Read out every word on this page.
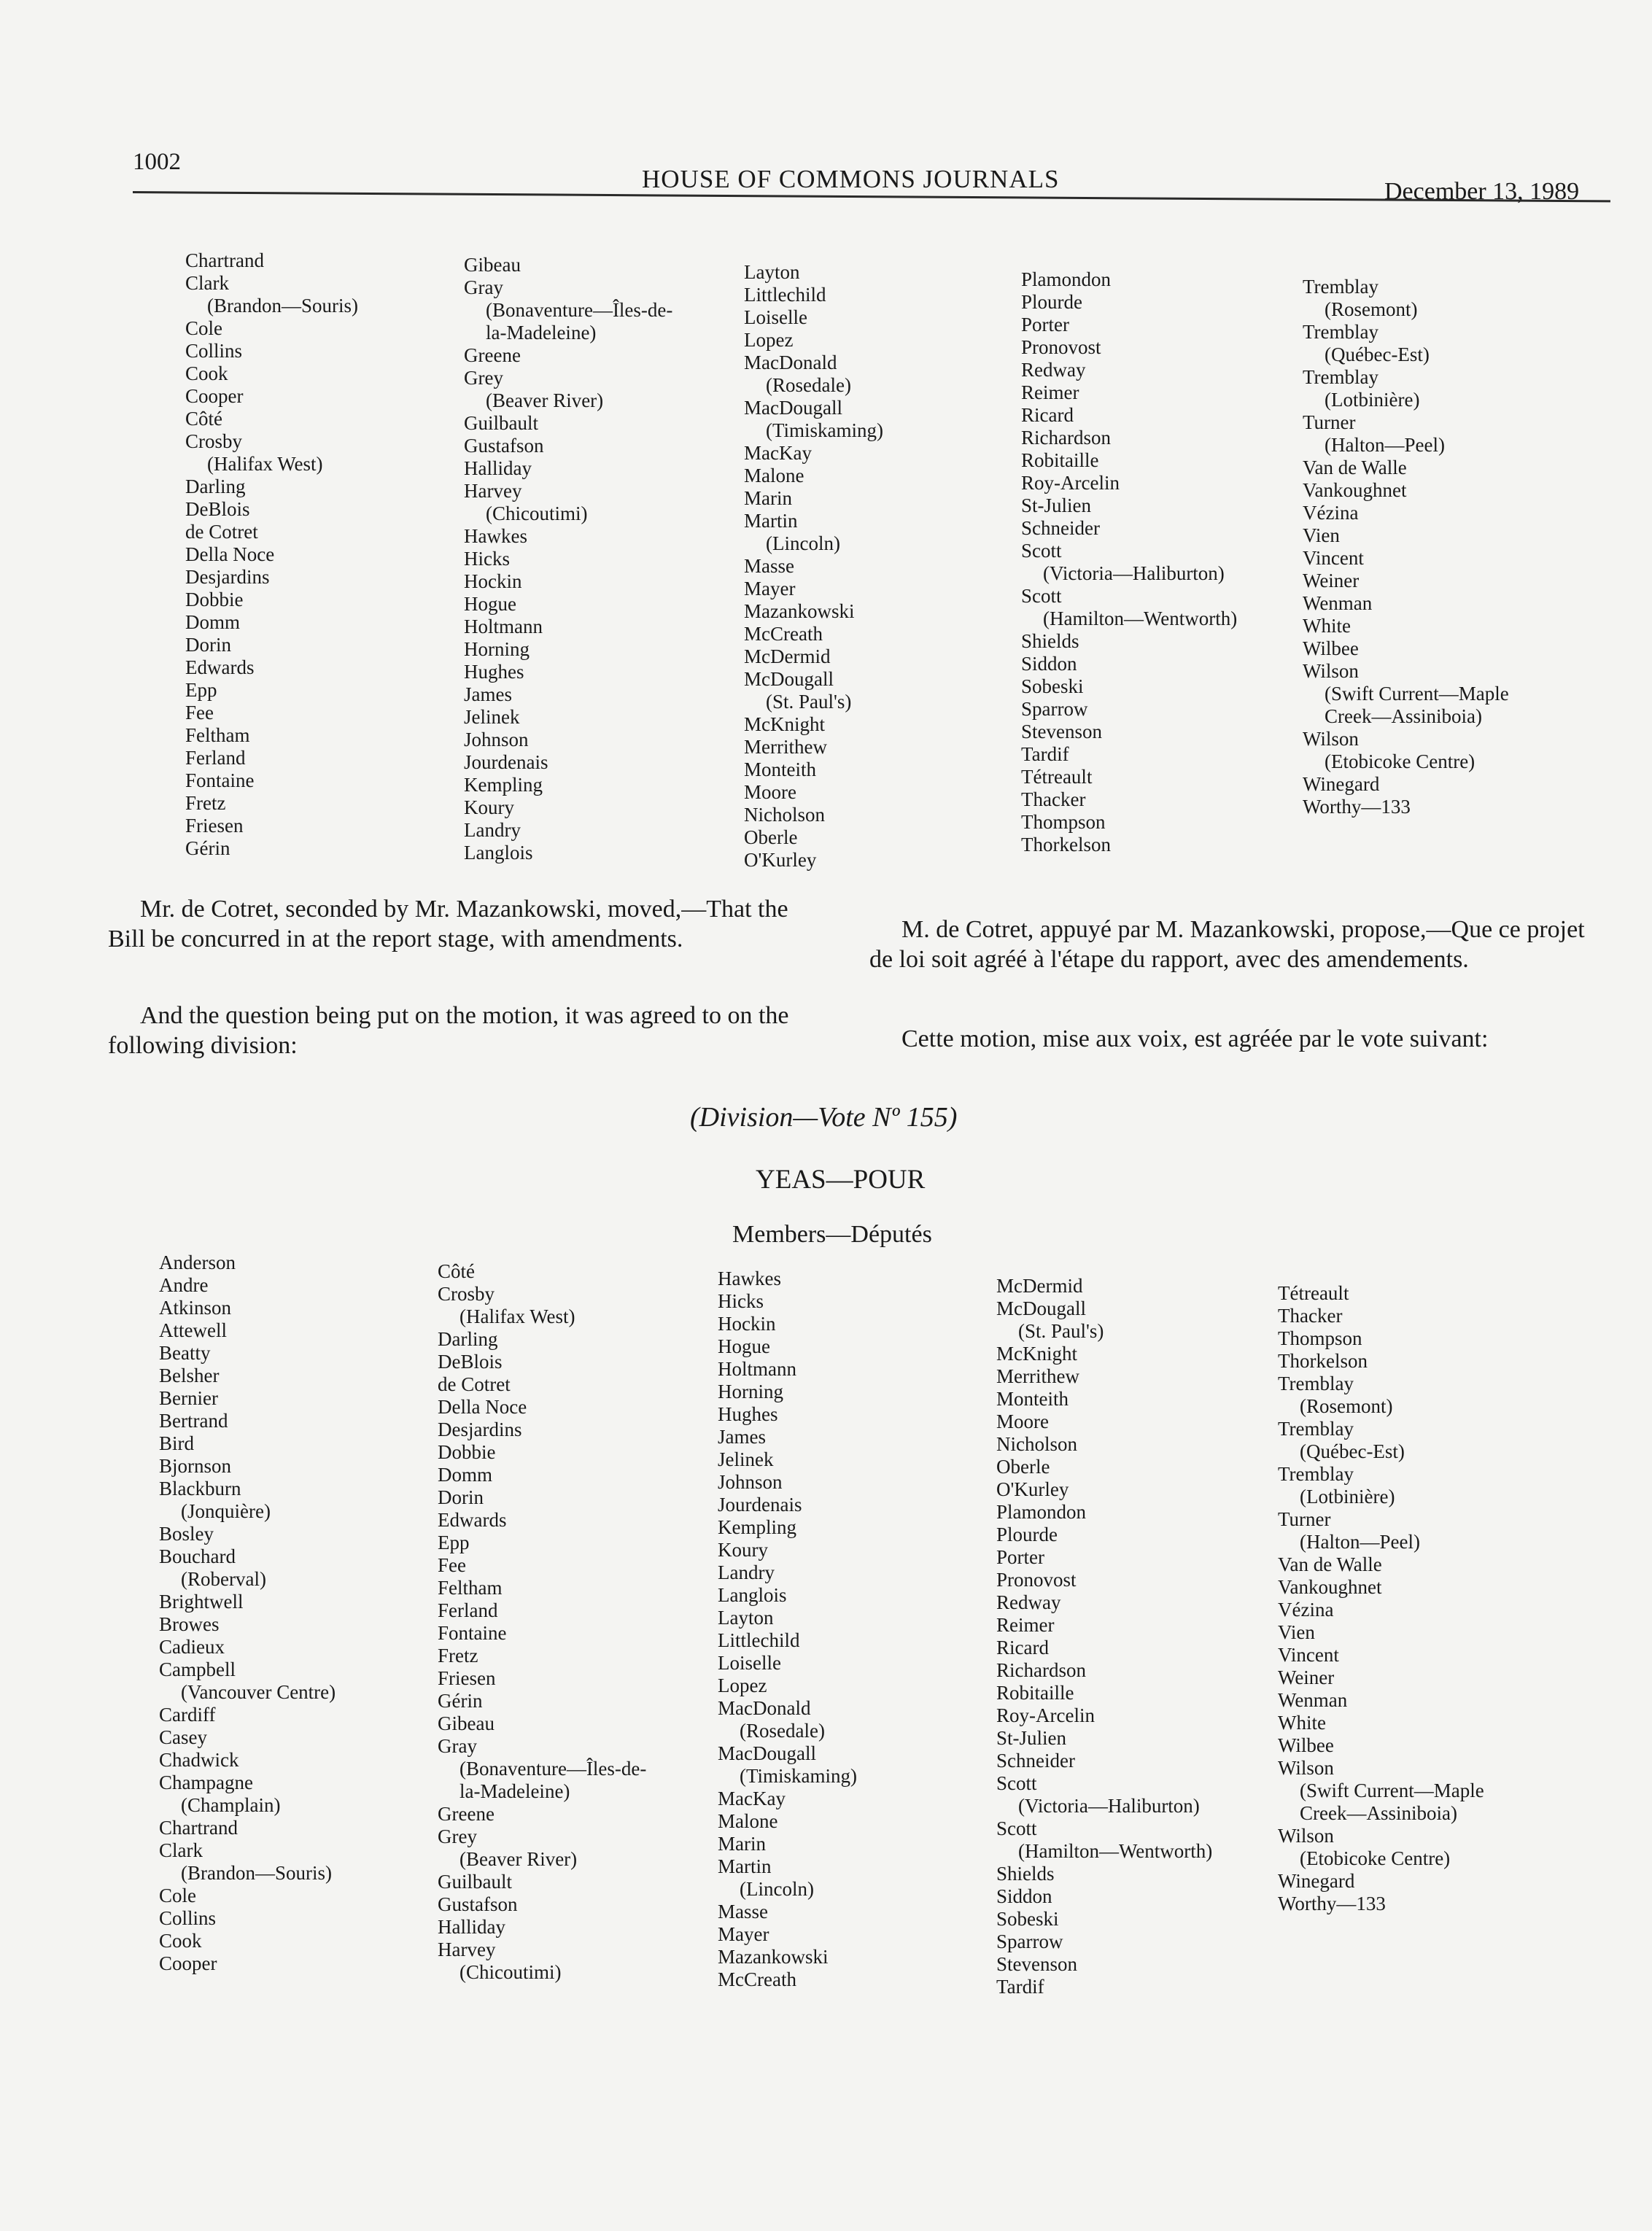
1002
HOUSE OF COMMONS JOURNALS	December 13, 1989
Chartrand
Clark
(Brandon—Souris)
Cole
Collins
Cook
Cooper
Côté
Crosby
(Halifax West)
Darling
DeBlois
de Cotret
Della Noce
Desjardins
Dobbie
Domm
Dorin
Edwards
Epp
Fee
Feltham
Ferland
Fontaine
Fretz
Friesen
Gérin
Gibeau
Gray
(Bonaventure—Îles-de-
la-Madeleine)
Greene
Grey
(Beaver River)
Guilbault
Gustafson
Halliday
Harvey
(Chicoutimi)
Hawkes
Hicks
Hockin
Hogue
Holtmann
Horning
Hughes
James
Jelinek
Johnson
Jourdenais
Kempling
Koury
Landry
Langlois
Layton
Littlechild
Loiselle
Lopez
MacDonald
(Rosedale)
MacDougall
(Timiskaming)
MacKay
Malone
Marin
Martin
(Lincoln)
Masse
Mayer
Mazankowski
McCreath
McDermid
McDougall
(St. Paul's)
McKnight
Merrithew
Monteith
Moore
Nicholson
Oberle
O'Kurley
Plamondon
Plourde
Porter
Pronovost
Redway
Reimer
Ricard
Richardson
Robitaille
Roy-Arcelin
St-Julien
Schneider
Scott
(Victoria—Haliburton)
Scott
(Hamilton—Wentworth)
Shields
Siddon
Sobeski
Sparrow
Stevenson
Tardif
Tétreault
Thacker
Thompson
Thorkelson
Tremblay
(Rosemont)
Tremblay
(Québec-Est)
Tremblay
(Lotbinière)
Turner
(Halton—Peel)
Van de Walle
Vankoughnet
Vézina
Vien
Vincent
Weiner
Wenman
White
Wilbee
Wilson
(Swift Current—Maple
Creek—Assiniboia)
Wilson
(Etobicoke Centre)
Winegard
Worthy—133

Mr. de Cotret, seconded by Mr. Mazankowski, moved,—That the Bill be concurred in at the report stage, with amendments.

And the question being put on the motion, it was agreed to on the following division:

M. de Cotret, appuyé par M. Mazankowski, propose,—Que ce projet de loi soit agréé à l'étape du rapport, avec des amendements.

Cette motion, mise aux voix, est agréée par le vote suivant:

(Division—Vote Nº 155)
YEAS—POUR
Members—Députés
Anderson
Andre
Atkinson
Attewell
Beatty
Belsher
Bernier
Bertrand
Bird
Bjornson
Blackburn
(Jonquière)
Bosley
Bouchard
(Roberval)
Brightwell
Browes
Cadieux
Campbell
(Vancouver Centre)
Cardiff
Casey
Chadwick
Champagne
(Champlain)
Chartrand
Clark
(Brandon—Souris)
Cole
Collins
Cook
Cooper
Côté
Crosby
(Halifax West)
Darling
DeBlois
de Cotret
Della Noce
Desjardins
Dobbie
Domm
Dorin
Edwards
Epp
Fee
Feltham
Ferland
Fontaine
Fretz
Friesen
Gérin
Gibeau
Gray
(Bonaventure—Îles-de-
la-Madeleine)
Greene
Grey
(Beaver River)
Guilbault
Gustafson
Halliday
Harvey
(Chicoutimi)
Hawkes
Hicks
Hockin
Hogue
Holtmann
Horning
Hughes
James
Jelinek
Johnson
Jourdenais
Kempling
Koury
Landry
Langlois
Layton
Littlechild
Loiselle
Lopez
MacDonald
(Rosedale)
MacDougall
(Timiskaming)
MacKay
Malone
Marin
Martin
(Lincoln)
Masse
Mayer
Mazankowski
McCreath
McDermid
McDougall
(St. Paul's)
McKnight
Merrithew
Monteith
Moore
Nicholson
Oberle
O'Kurley
Plamondon
Plourde
Porter
Pronovost
Redway
Reimer
Ricard
Richardson
Robitaille
Roy-Arcelin
St-Julien
Schneider
Scott
(Victoria—Haliburton)
Scott
(Hamilton—Wentworth)
Shields
Siddon
Sobeski
Sparrow
Stevenson
Tardif
Tétreault
Thacker
Thompson
Thorkelson
Tremblay
(Rosemont)
Tremblay
(Québec-Est)
Tremblay
(Lotbinière)
Turner
(Halton—Peel)
Van de Walle
Vankoughnet
Vézina
Vien
Vincent
Weiner
Wenman
White
Wilbee
Wilson
(Swift Current—Maple
Creek—Assiniboia)
Wilson
(Etobicoke Centre)
Winegard
Worthy—133
